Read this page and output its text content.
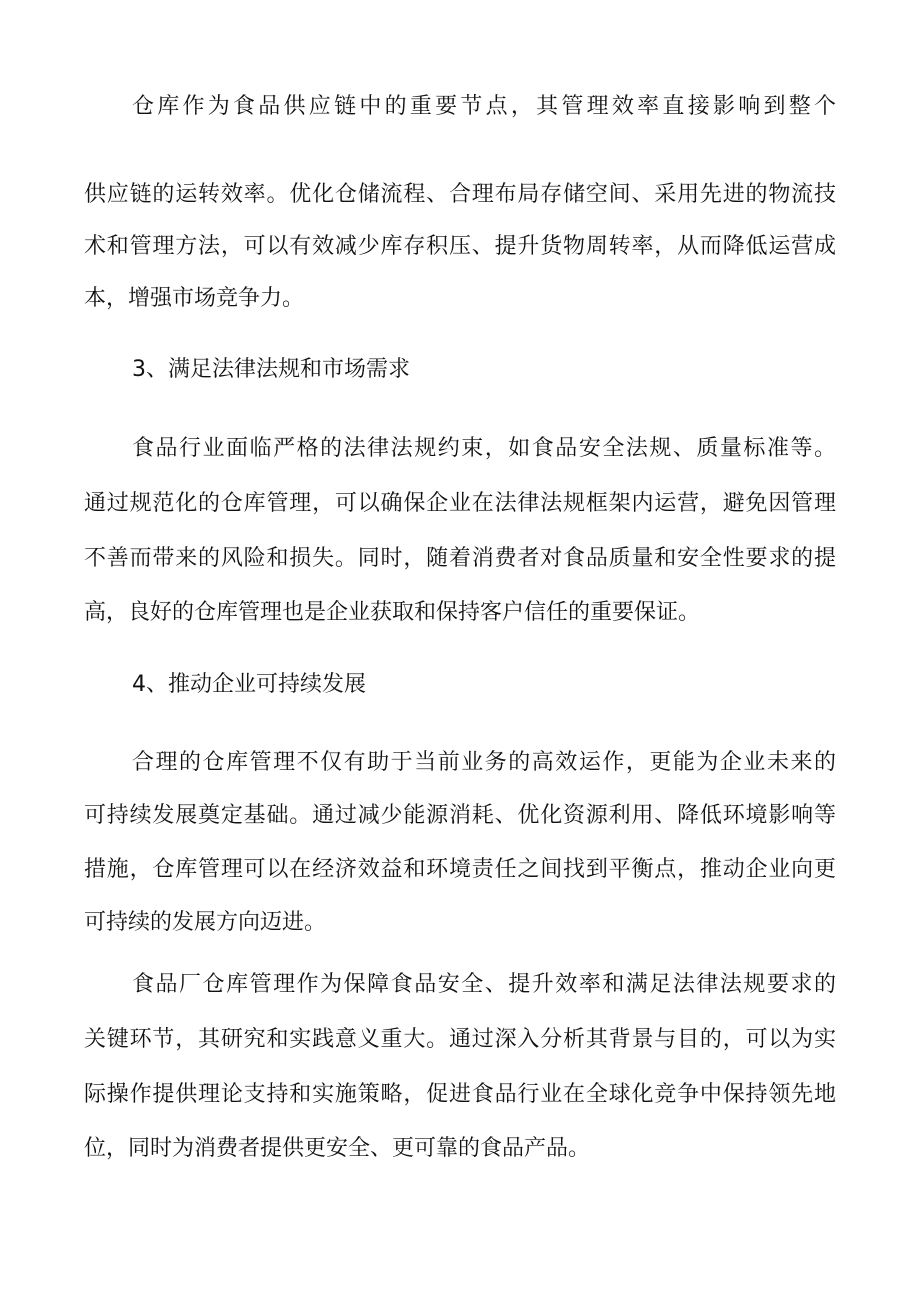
仓库作为食品供应链中的重要节点，其管理效率直接影响到整个
供应链的运转效率。优化仓储流程、合理布局存储空间、采用先进的物流技
术和管理方法，可以有效减少库存积压、提升货物周转率，从而降低运营成
本，增强市场竞争力。
3、满足法律法规和市场需求
食品行业面临严格的法律法规约束，如食品安全法规、质量标准等。
通过规范化的仓库管理，可以确保企业在法律法规框架内运营，避免因管理
不善而带来的风险和损失。同时，随着消费者对食品质量和安全性要求的提
高，良好的仓库管理也是企业获取和保持客户信任的重要保证。
4、推动企业可持续发展
合理的仓库管理不仅有助于当前业务的高效运作，更能为企业未来的
可持续发展奠定基础。通过减少能源消耗、优化资源利用、降低环境影响等
措施，仓库管理可以在经济效益和环境责任之间找到平衡点，推动企业向更
可持续的发展方向迈进。
食品厂仓库管理作为保障食品安全、提升效率和满足法律法规要求的
关键环节，其研究和实践意义重大。通过深入分析其背景与目的，可以为实
际操作提供理论支持和实施策略，促进食品行业在全球化竞争中保持领先地
位，同时为消费者提供更安全、更可靠的食品产品。
